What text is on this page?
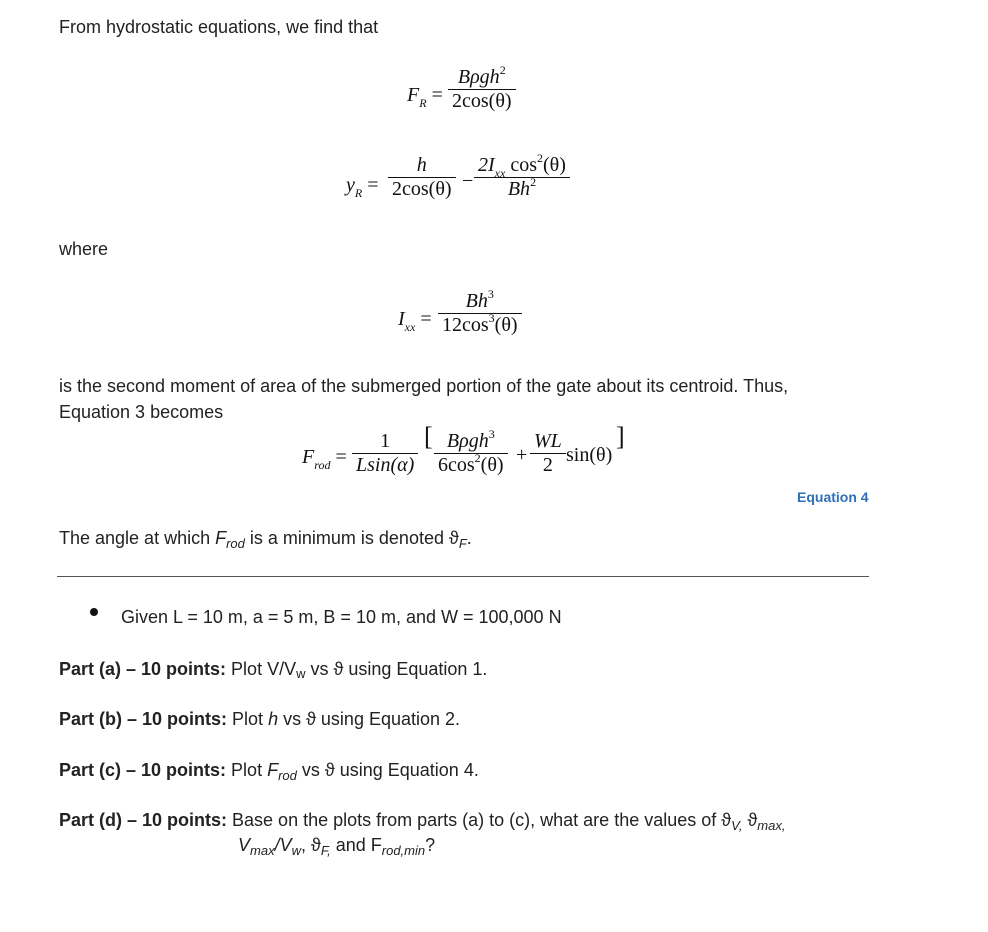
From hydrostatic equations, we find that
$F_R$ =
Bρgh$^2$
2cos(θ)
$y_R$ =
h
2cos(θ) −
$2I_{xx}$ $\cos^2(\theta)$
Bh$^2$
where
$I_{xx}$ =
$Bh^3$
$12\cos^3(\theta)$
is the second moment of area of the submerged portion of the gate about its centroid. Thus,
Equation 3 becomes
$F_{rod}$ =
1
Lsin(α)
[ Bρgh$^3$
$6\cos^2(\theta)$ +
WL
2 sin(θ)
]
Equation 4
The angle at which $F_{rod}$ is a minimum is denoted $ϑ_F$.
Given L = 10 m, a = 5 m, B = 10 m, and W = 100,000 N
Part (a) – 10 points: Plot V/Vw vs ϑ using Equation 1.
Part (b) – 10 points: Plot h vs ϑ using Equation 2.
Part (c) – 10 points: Plot $F_{rod}$ vs ϑ using Equation 4.
Part (d) – 10 points: Base on the plots from parts (a) to (c), what are the values of $ϑ_{V,}$ $ϑ_{max,}$
$V_{max}/V_w$, $ϑ_{F,}$ and $F_{rod,min}$?
